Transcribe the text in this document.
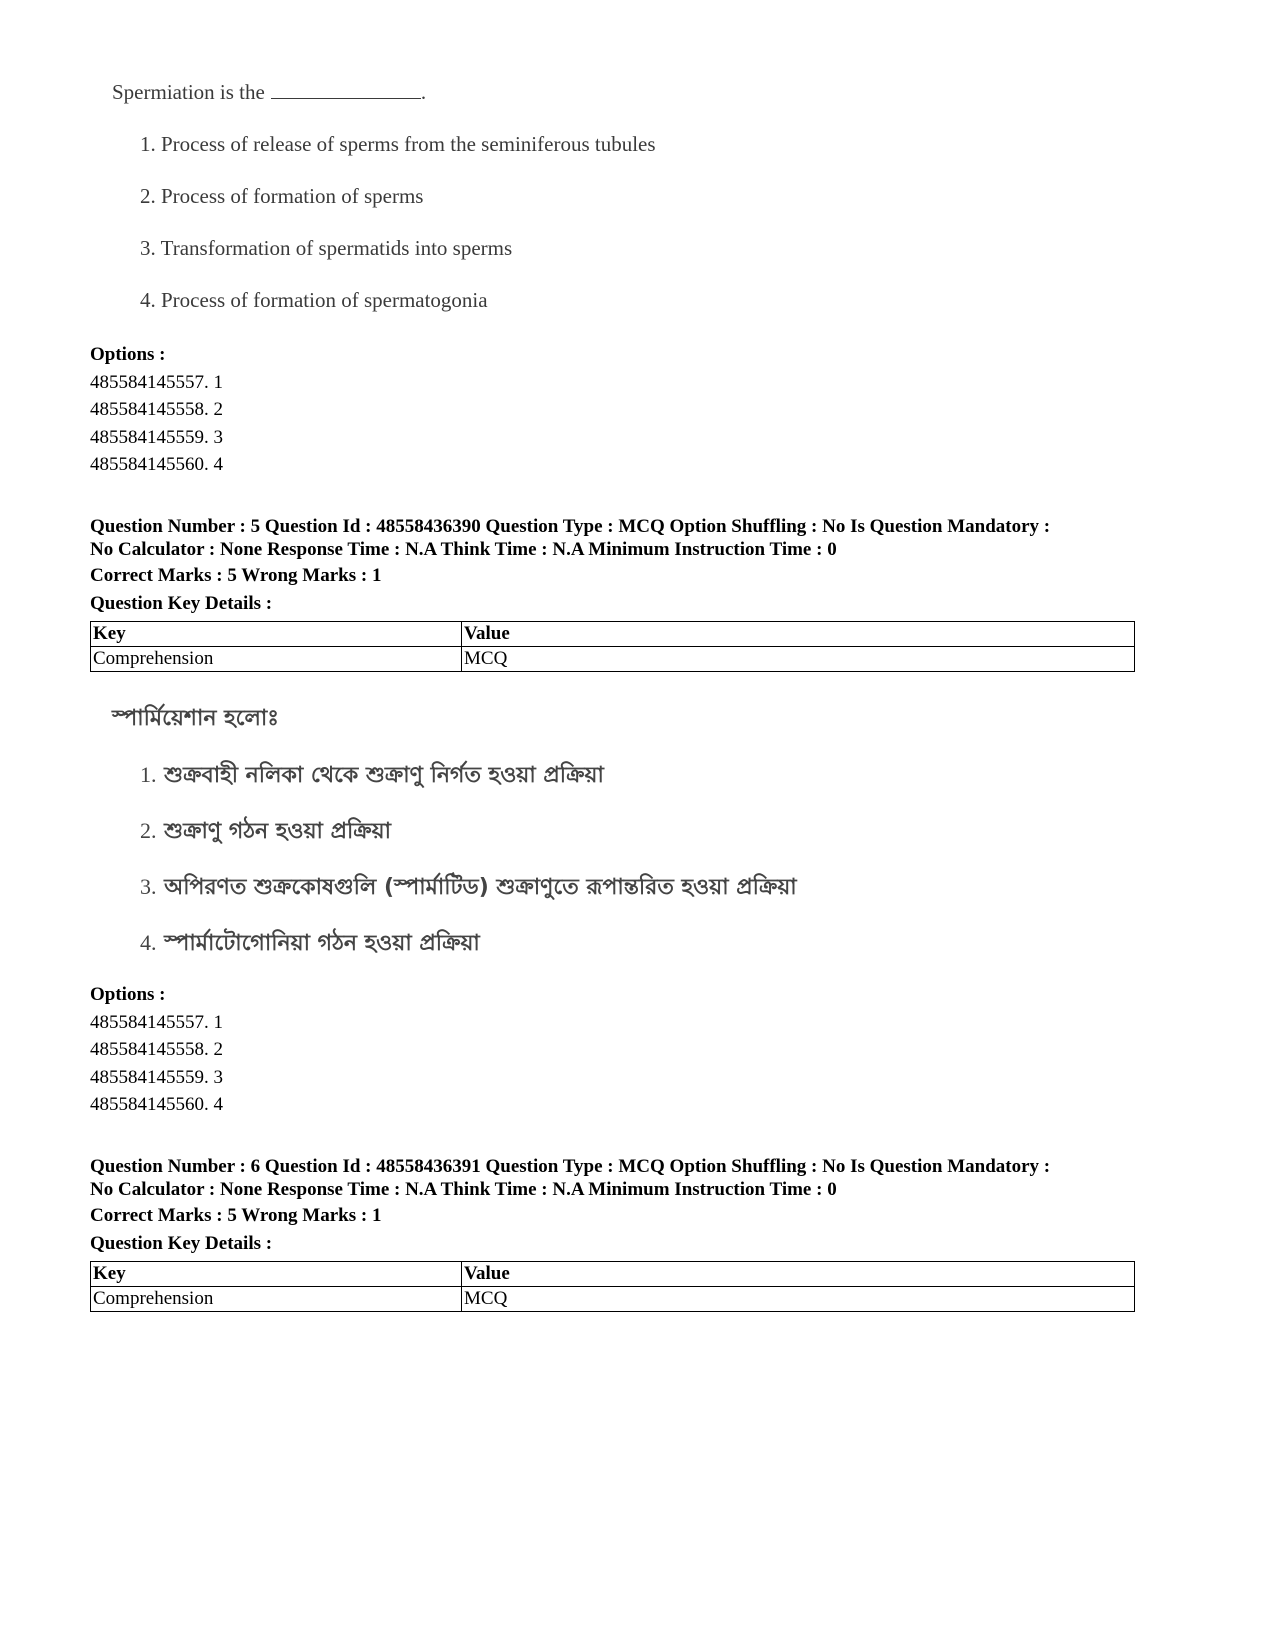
Spermiation is the	.

1. Process of release of sperms from the seminiferous tubules

2. Process of formation of sperms

3. Transformation of spermatids into sperms

4. Process of formation of spermatogonia

Options :

485584145557. 1

485584145558. 2

485584145559. 3

485584145560. 4

Question Number : 5 Question Id : 48558436390 Question Type : MCQ Option Shuffling : No Is Question Mandatory :

No Calculator : None Response Time : N.A Think Time : N.A Minimum Instruction Time : 0

Correct Marks : 5 Wrong Marks : 1
Question Key Details :
Key	Value
Comprehension	MCQ

স্পার্মিয়েশান হলোঃ

1. শুক্রবাহী নলিকা থেকে শুক্রাণু নির্গত হওয়া প্রক্রিয়া

2. শুক্রাণু গঠন হওয়া প্রক্রিয়া

3. অপিরণত শুক্রকোষগুলি (স্পার্মাটিড) শুক্রাণুতে রূপান্তরিত হওয়া প্রক্রিয়া

4. স্পার্মাটোগোনিয়া গঠন হওয়া প্রক্রিয়া

Options :

485584145557. 1

485584145558. 2

485584145559. 3

485584145560. 4

Question Number : 6 Question Id : 48558436391 Question Type : MCQ Option Shuffling : No Is Question Mandatory :

No Calculator : None Response Time : N.A Think Time : N.A Minimum Instruction Time : 0

Correct Marks : 5 Wrong Marks : 1
Question Key Details :
Key	Value
Comprehension	MCQ
